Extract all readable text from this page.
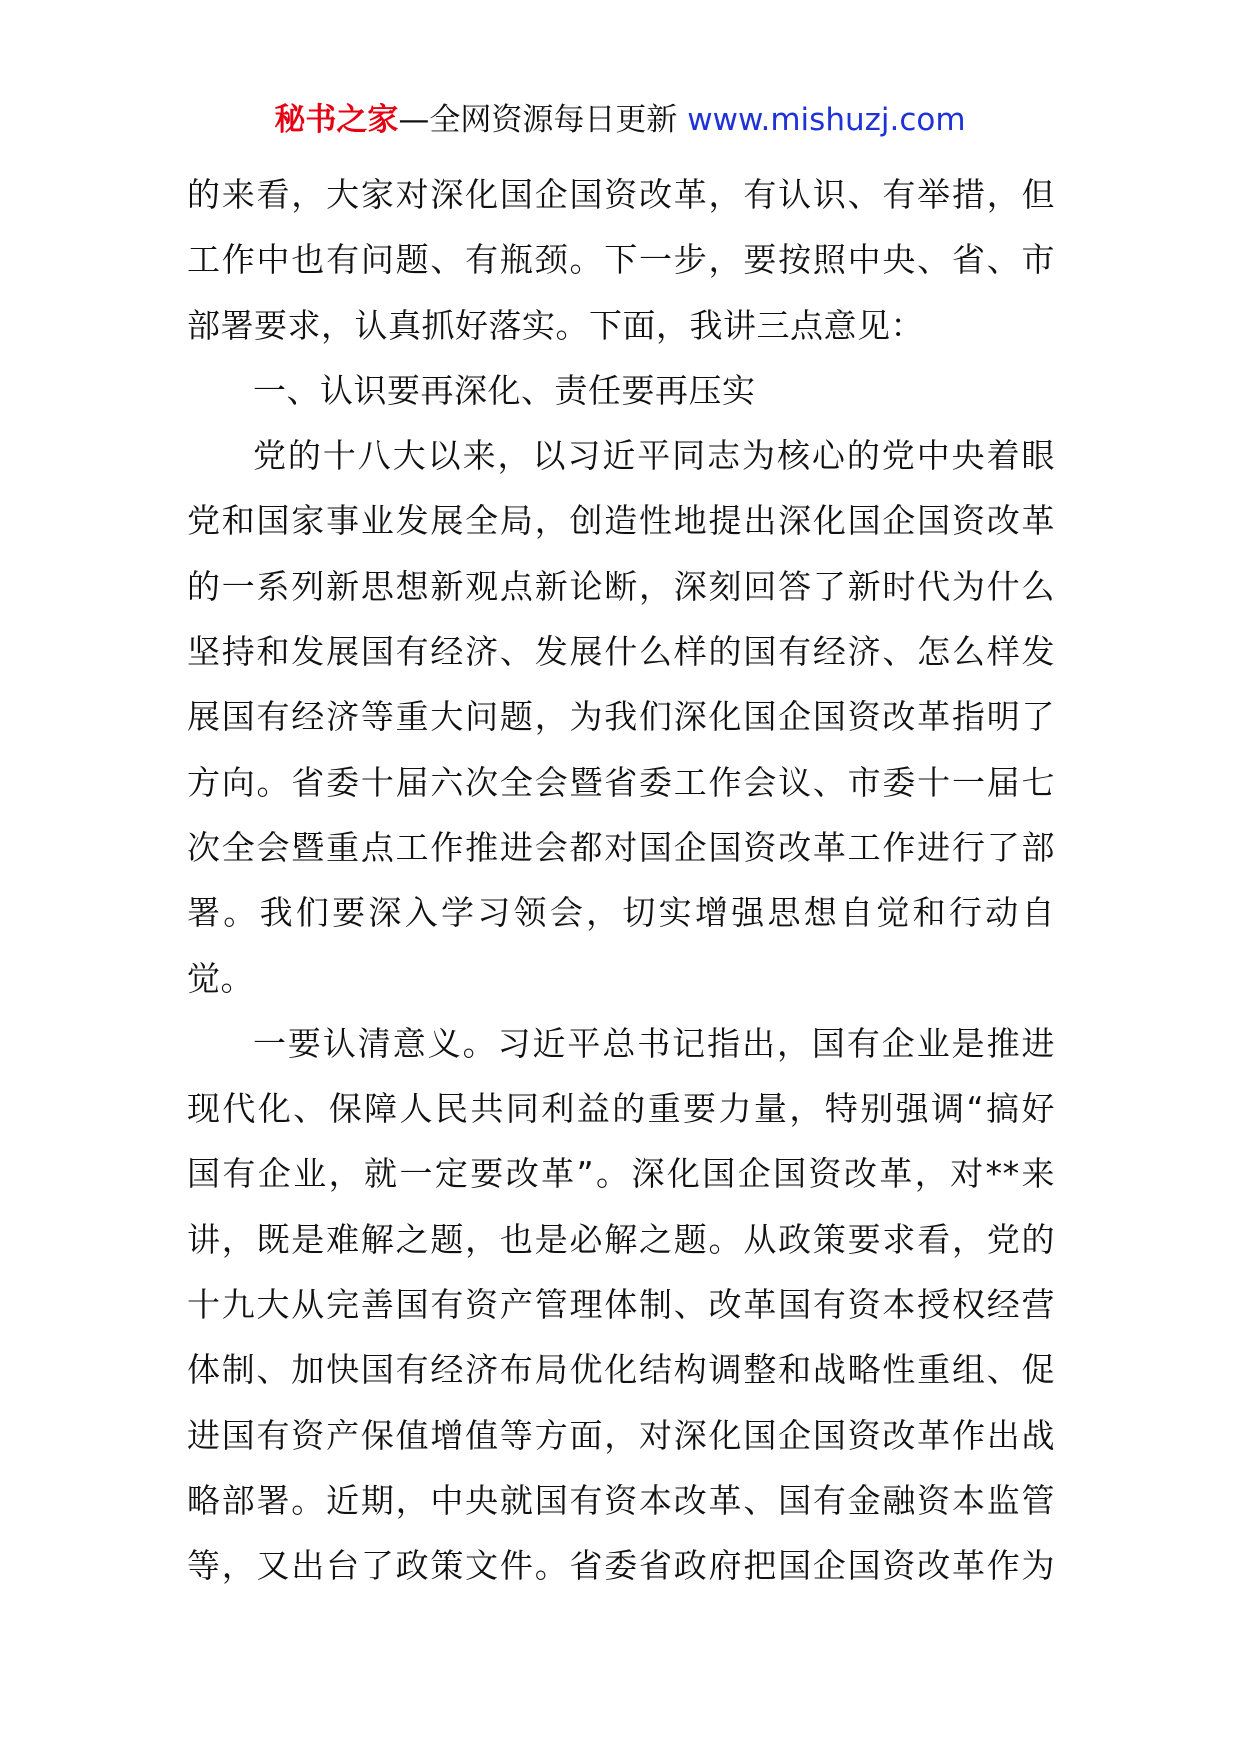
秘书之家—全网资源每日更新 www.mishuzj.com
的来看，大家对深化国企国资改革，有认识、有举措，但
工作中也有问题、有瓶颈。下一步，要按照中央、省、市
部署要求，认真抓好落实。下面，我讲三点意见：
一、认识要再深化、责任要再压实
党的十八大以来，以习近平同志为核心的党中央着眼
党和国家事业发展全局，创造性地提出深化国企国资改革
的一系列新思想新观点新论断，深刻回答了新时代为什么
坚持和发展国有经济、发展什么样的国有经济、怎么样发
展国有经济等重大问题，为我们深化国企国资改革指明了
方向。省委十届六次全会暨省委工作会议、市委十一届七
次全会暨重点工作推进会都对国企国资改革工作进行了部
署。我们要深入学习领会，切实增强思想自觉和行动自
觉。
一要认清意义。习近平总书记指出，国有企业是推进
现代化、保障人民共同利益的重要力量，特别强调“搞好
国有企业，就一定要改革”。深化国企国资改革，对**来
讲，既是难解之题，也是必解之题。从政策要求看，党的
十九大从完善国有资产管理体制、改革国有资本授权经营
体制、加快国有经济布局优化结构调整和战略性重组、促
进国有资产保值增值等方面，对深化国企国资改革作出战
略部署。近期，中央就国有资本改革、国有金融资本监管
等，又出台了政策文件。省委省政府把国企国资改革作为
